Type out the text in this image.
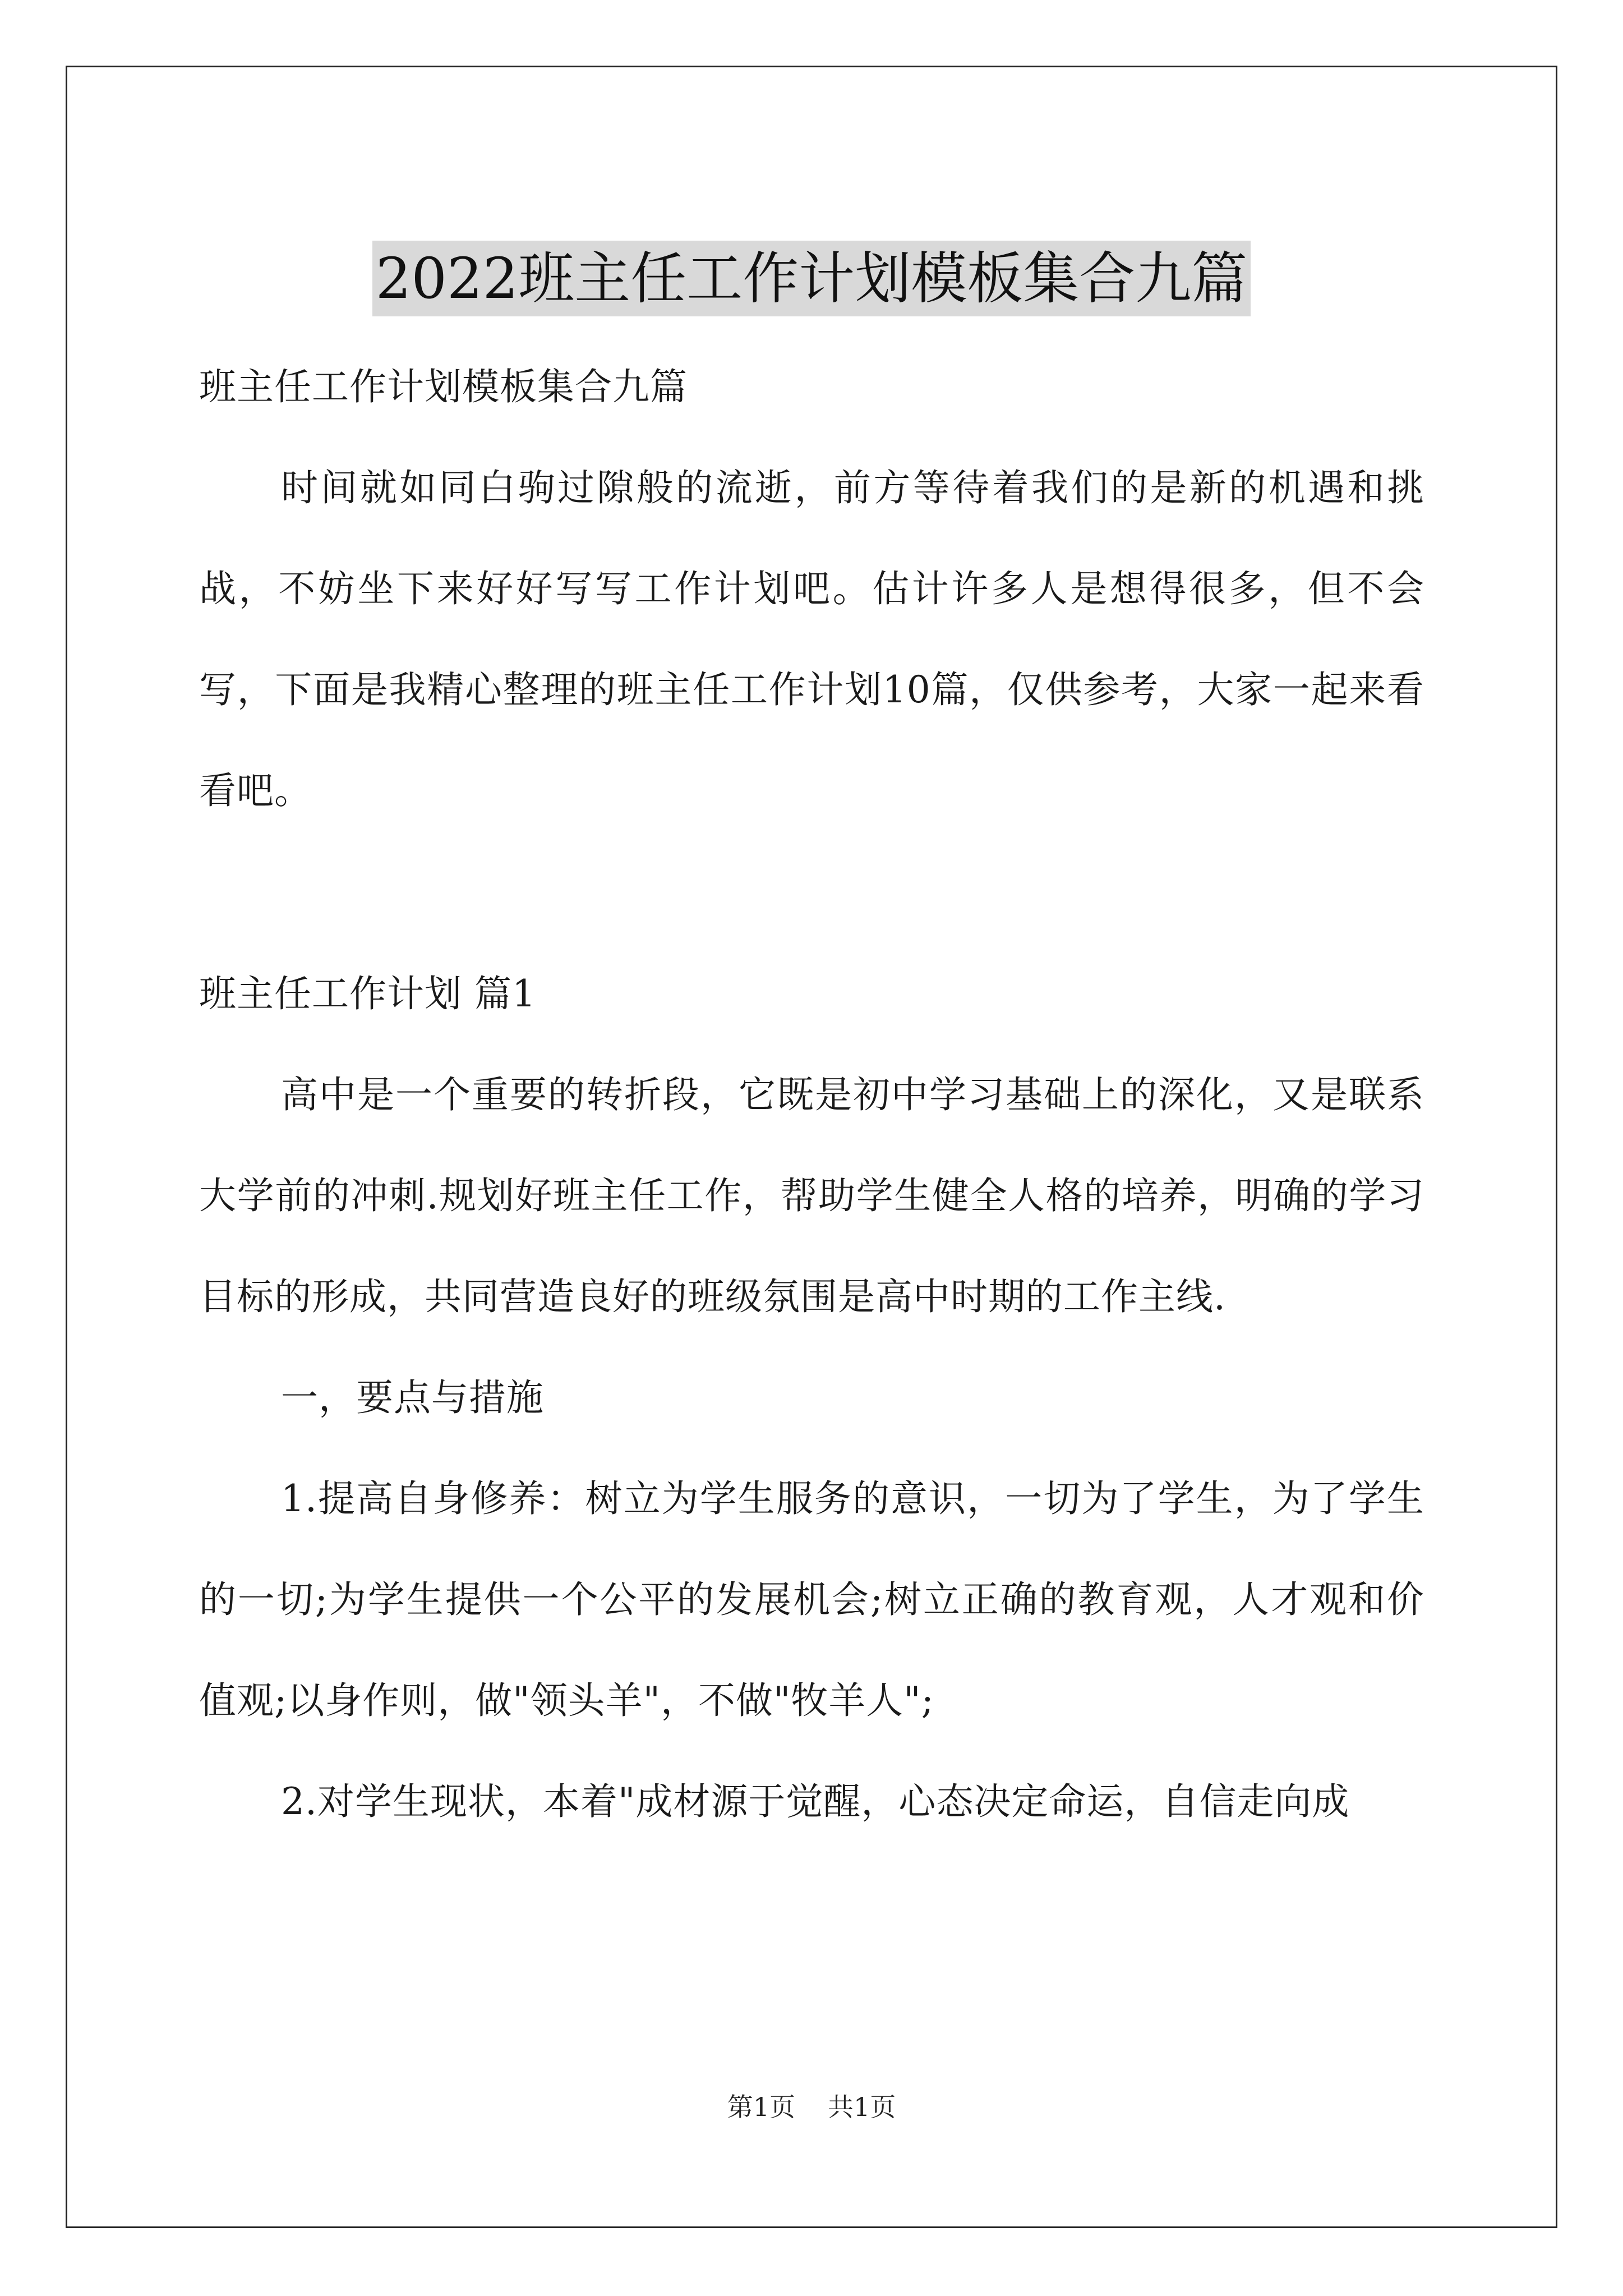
2022班主任工作计划模板集合九篇

班主任工作计划模板集合九篇

时间就如同白驹过隙般的流逝，前方等待着我们的是新的机遇和挑战，不妨坐下来好好写写工作计划吧。估计许多人是想得很多，但不会写，下面是我精心整理的班主任工作计划10篇，仅供参考，大家一起来看看吧。

班主任工作计划 篇1

高中是一个重要的转折段，它既是初中学习基础上的深化，又是联系大学前的冲刺.规划好班主任工作，帮助学生健全人格的培养，明确的学习目标的形成，共同营造良好的班级氛围是高中时期的工作主线.

一，要点与措施

1.提高自身修养：树立为学生服务的意识，一切为了学生，为了学生的一切;为学生提供一个公平的发展机会;树立正确的教育观，人才观和价值观;以身作则，做"领头羊"，不做"牧羊人";

2.对学生现状，本着"成材源于觉醒，心态决定命运，自信走向成

第1页 共1页
